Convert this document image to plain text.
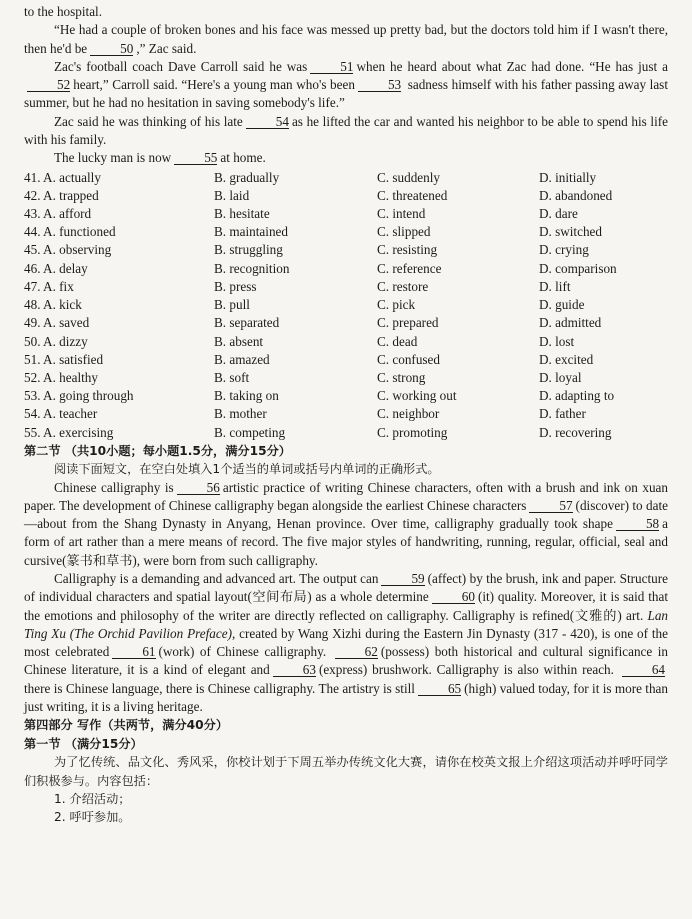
to the hospital.
“He had a couple of broken bones and his face was messed up pretty bad, but the doctors told him if I wasn't there, then he'd be	50 ,” Zac said.
Zac's football coach Dave Carroll said he was	51 when he heard about what Zac had done. “He has just a52 heart,” Carroll said. “Here's a young man who's been	53 sadness himself with his father passing away last summer, but he had no hesitation in saving somebody's life.”
Zac said he was thinking of his late	54 as he lifted the car and wanted his neighbor to be able to spend his life with his family.
The lucky man is now	55 at home.
41. A. actually	B. gradually	C. suddenly	D. initially
42. A. trapped	B. laid	C. threatened	D. abandoned
43. A. afford	B. hesitate	C. intend	D. dare
44. A. functioned	B. maintained	C. slipped	D. switched
45. A. observing	B. struggling	C. resisting	D. crying
46. A. delay	B. recognition	C. reference	D. comparison
47. A. fix	B. press	C. restore	D. lift
48. A. kick	B. pull	C. pick	D. guide
49. A. saved	B. separated	C. prepared	D. admitted
50. A. dizzy	B. absent	C. dead	D. lost
51. A. satisfied	B. amazed	C. confused	D. excited
52. A. healthy	B. soft	C. strong	D. loyal
53. A. going through	B. taking on	C. working out	D. adapting to
54. A. teacher	B. mother	C. neighbor	D. father
55. A. exercising	B. competing	C. promoting	D. recovering
第二节 （共10小题；每小题1.5分，满分15分）
阅读下面短文，在空白处填入1个适当的单词或括号内单词的正确形式。
Chinese calligraphy is	56 artistic practice of writing Chinese characters, often with a brush and ink on xuan paper. The development of Chinese calligraphy began alongside the earliest Chinese characters	57 (discover) to date—about from the Shang Dynasty in Anyang, Henan province. Over time, calligraphy gradually took shape	58 a form of art rather than a mere means of record. The five major styles of handwriting, running, regular, official, seal and cursive(篆书和草书), were born from such calligraphy.
Calligraphy is a demanding and advanced art. The output can	59 (affect) by the brush, ink and paper. Structure of individual characters and spatial layout(空间布局) as a whole determine	60 (it) quality. Moreover, it is said that the emotions and philosophy of the writer are directly reflected on calligraphy. Calligraphy is refined(文雅的) art. Lan Ting Xu (The Orchid Pavilion Preface), created by Wang Xizhi during the Eastern Jin Dynasty (317 - 420), is one of the most celebrated	61 (work) of Chinese calligraphy.	62 (possess) both historical and cultural significance in Chinese literature, it is a kind of elegant and	63 (express) brushwork. Calligraphy is also within reach.	64there is Chinese language, there is Chinese calligraphy. The artistry is still	65 (high) valued today, for it is more than just writing, it is a living heritage.
第四部分 写作（共两节，满分40分）
第一节 （满分15分）
为了忆传统、品文化、秀风采，你校计划于下周五举办传统文化大赛，请你在校英文报上介绍这项活动并呼吁同学们积极参与。内容包括：
1. 介绍活动；
2. 呼吁参加。
